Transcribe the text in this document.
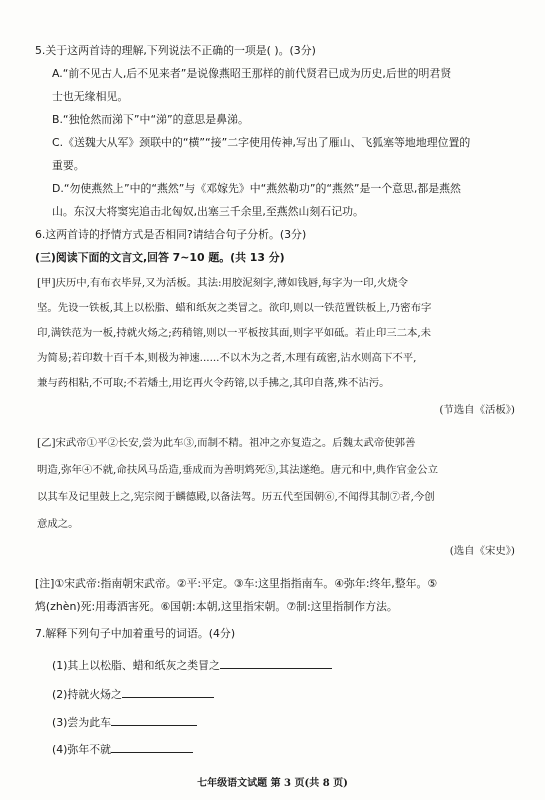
5.关于这两首诗的理解,下列说法不正确的一项是( )。(3分)
A.“前不见古人,后不见来者”是说像燕昭王那样的前代贤君已成为历史,后世的明君贤
士也无缘相见。
B.“独怆然而涕下”中“涕”的意思是鼻涕。
C.《送魏大从军》颈联中的“横”“接”二字使用传神,写出了雁山、飞狐塞等地地理位置的
重要。
D.“勿使燕然上”中的“燕然”与《邓嫁先》中“燕然勒功”的“燕然”是一个意思,都是燕然
山。东汉大将窦宪追击北匈奴,出塞三千余里,至燕然山刻石记功。
6.这两首诗的抒情方式是否相同?请结合句子分析。(3分)
(三)阅读下面的文言文,回答 7~10 题。(共 13 分)
[甲]庆历中,有布衣毕昇,又为活板。其法:用胶泥刻字,薄如钱唇,每字为一印,火烧令
坚。先设一铁板,其上以松脂、蜡和纸灰之类冒之。欲印,则以一铁范置铁板上,乃密布字
印,满铁范为一板,持就火炀之;药稍镕,则以一平板按其面,则字平如砥。若止印三二本,未
为简易;若印数十百千本,则极为神速......不以木为之者,木理有疏密,沾水则高下不平,
兼与药相粘,不可取;不若燔土,用讫再火令药镕,以手拂之,其印自落,殊不沾污。
(节选自《活板》)
[乙]宋武帝①平②长安,尝为此车③,而制不精。祖冲之亦复造之。后魏太武帝使郭善
明造,弥年④不就,命扶风马岳造,垂成而为善明鸩死⑤,其法遂绝。唐元和中,典作官金公立
以其车及记里鼓上之,宪宗阅于麟德殿,以备法驾。历五代至国朝⑥,不闻得其制⑦者,今创
意成之。
(选自《宋史》)
[注]①宋武帝:指南朝宋武帝。②平:平定。③车:这里指指南车。④弥年:终年,整年。⑤
鸩(zhèn)死:用毒酒害死。⑥国朝:本朝,这里指宋朝。⑦制:这里指制作方法。
7.解释下列句子中加着重号的词语。(4分)
(1)其上以松脂、蜡和纸灰之类冒之
(2)持就火炀之
(3)尝为此车
(4)弥年不就
七年级语文试题 第 3 页(共 8 页)
